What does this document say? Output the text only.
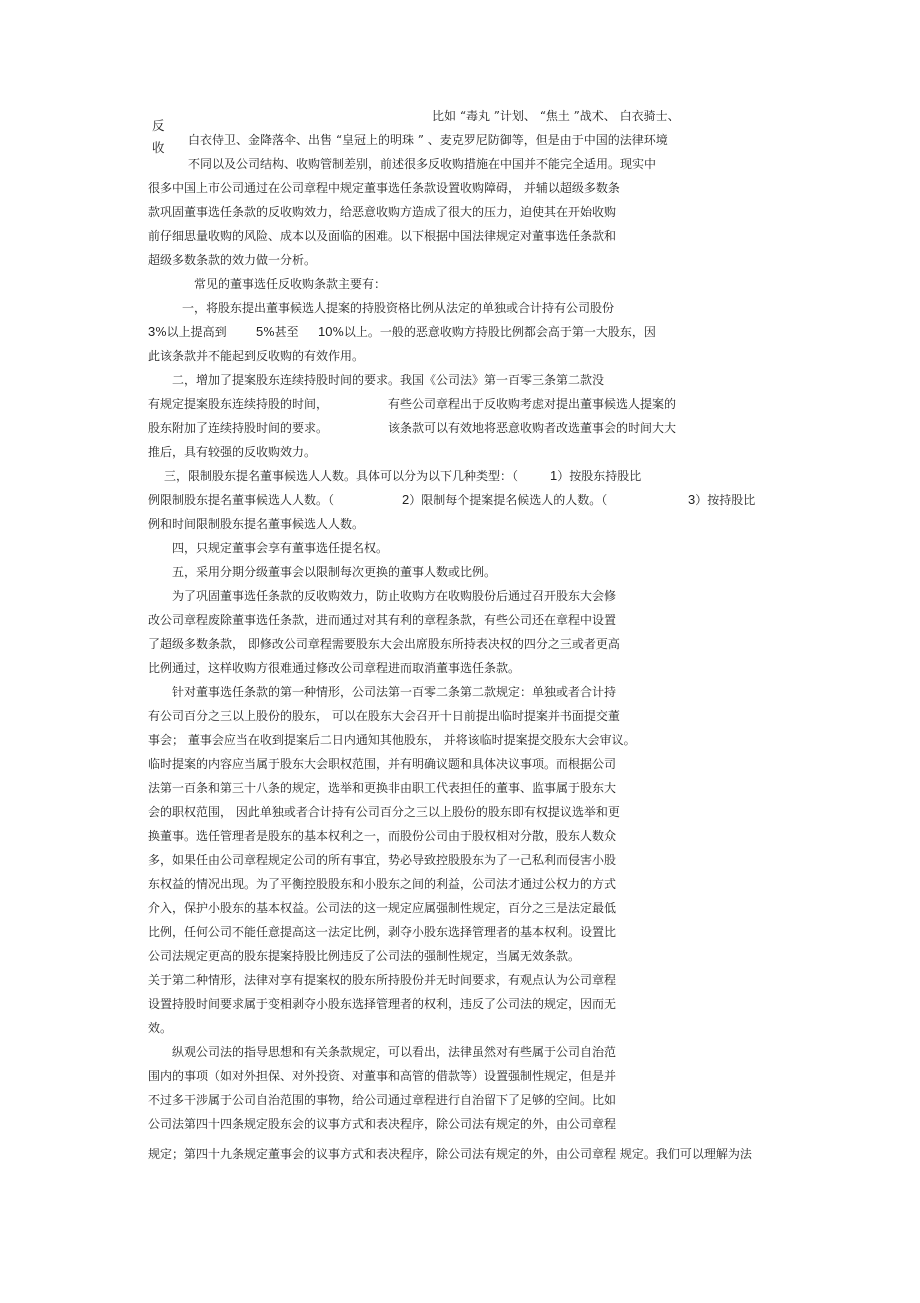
反
收
比如 “毒丸 ”计划、 “焦土 ”战术、 白衣骑士、
白衣侍卫、金降落伞、出售 “皇冠上的明珠 ” 、麦克罗尼防御等，但是由于中国的法律环境
不同以及公司结构、收购管制差别，前述很多反收购措施在中国并不能完全适用。现实中
很多中国上市公司通过在公司章程中规定董事选任条款设置收购障碍， 并辅以超级多数条
款巩固董事选任条款的反收购效力，给恶意收购方造成了很大的压力，迫使其在开始收购
前仔细思量收购的风险、成本以及面临的困难。以下根据中国法律规定对董事选任条款和
超级多数条款的效力做一分析。
常见的董事选任反收购条款主要有：
一，将股东提出董事候选人提案的持股资格比例从法定的单独或合计持有公司股份
3%以上提高到 5%甚至 10%以上。一般的恶意收购方持股比例都会高于第一大股东，因
此该条款并不能起到反收购的有效作用。
二，增加了提案股东连续持股时间的要求。我国《公司法》第一百零三条第二款没
有规定提案股东连续持股的时间，	有些公司章程出于反收购考虑对提出董事候选人提案的
股东附加了连续持股时间的要求。	该条款可以有效地将恶意收购者改选董事会的时间大大
推后，具有较强的反收购效力。
三，限制股东提名董事候选人人数。具体可以分为以下几种类型：（ 1）按股东持股比
例限制股东提名董事候选人人数。（	2）限制每个提案提名候选人的人数。（	3）按持股比
例和时间限制股东提名董事候选人人数。
四，只规定董事会享有董事选任提名权。
五，采用分期分级董事会以限制每次更换的董事人数或比例。
为了巩固董事选任条款的反收购效力，防止收购方在收购股份后通过召开股东大会修
改公司章程废除董事选任条款，进而通过对其有利的章程条款，有些公司还在章程中设置
了超级多数条款， 即修改公司章程需要股东大会出席股东所持表决权的四分之三或者更高
比例通过，这样收购方很难通过修改公司章程进而取消董事选任条款。
针对董事选任条款的第一种情形，公司法第一百零二条第二款规定：单独或者合计持
有公司百分之三以上股份的股东， 可以在股东大会召开十日前提出临时提案并书面提交董
事会； 董事会应当在收到提案后二日内通知其他股东， 并将该临时提案提交股东大会审议。
临时提案的内容应当属于股东大会职权范围，并有明确议题和具体决议事项。而根据公司
法第一百条和第三十八条的规定，选举和更换非由职工代表担任的董事、监事属于股东大
会的职权范围， 因此单独或者合计持有公司百分之三以上股份的股东即有权提议选举和更
换董事。选任管理者是股东的基本权利之一，而股份公司由于股权相对分散，股东人数众
多，如果任由公司章程规定公司的所有事宜，势必导致控股股东为了一己私利而侵害小股
东权益的情况出现。为了平衡控股股东和小股东之间的利益，公司法才通过公权力的方式
介入，保护小股东的基本权益。公司法的这一规定应属强制性规定，百分之三是法定最低
比例，任何公司不能任意提高这一法定比例，剥夺小股东选择管理者的基本权利。设置比
公司法规定更高的股东提案持股比例违反了公司法的强制性规定，当属无效条款。
关于第二种情形，法律对享有提案权的股东所持股份并无时间要求，有观点认为公司章程
设置持股时间要求属于变相剥夺小股东选择管理者的权利，违反了公司法的规定，因而无
效。
纵观公司法的指导思想和有关条款规定，可以看出，法律虽然对有些属于公司自治范
围内的事项（如对外担保、对外投资、对董事和高管的借款等）设置强制性规定，但是并
不过多干涉属于公司自治范围的事物，给公司通过章程进行自治留下了足够的空间。比如
公司法第四十四条规定股东会的议事方式和表决程序，除公司法有规定的外，由公司章程
规定；第四十九条规定董事会的议事方式和表决程序，除公司法有规定的外，由公司章程 规定。我们可以理解为法
